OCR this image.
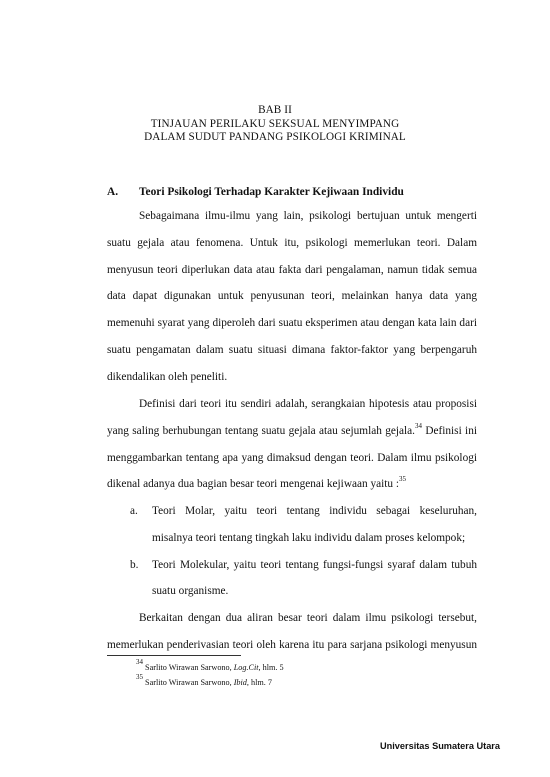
BAB II
TINJAUAN PERILAKU SEKSUAL MENYIMPANG
DALAM SUDUT PANDANG PSIKOLOGI KRIMINAL
A. Teori Psikologi Terhadap Karakter Kejiwaan Individu
Sebagaimana ilmu-ilmu yang lain, psikologi bertujuan untuk mengerti
suatu gejala atau fenomena. Untuk itu, psikologi memerlukan teori. Dalam
menyusun teori diperlukan data atau fakta dari pengalaman, namun tidak semua
data dapat digunakan untuk penyusunan teori, melainkan hanya data yang
memenuhi syarat yang diperoleh dari suatu eksperimen atau dengan kata lain dari
suatu pengamatan dalam suatu situasi dimana faktor-faktor yang berpengaruh
dikendalikan oleh peneliti.
Definisi dari teori itu sendiri adalah, serangkaian hipotesis atau proposisi
yang saling berhubungan tentang suatu gejala atau sejumlah gejala.$^{34}$ Definisi ini
menggambarkan tentang apa yang dimaksud dengan teori. Dalam ilmu psikologi
dikenal adanya dua bagian besar teori mengenai kejiwaan yaitu :$^{35}$
a. Teori Molar, yaitu teori tentang individu sebagai keseluruhan,
misalnya teori tentang tingkah laku individu dalam proses kelompok;
b. Teori Molekular, yaitu teori tentang fungsi-fungsi syaraf dalam tubuh
suatu organisme.
Berkaitan dengan dua aliran besar teori dalam ilmu psikologi tersebut,
memerlukan penderivasian teori oleh karena itu para sarjana psikologi menyusun
$^{34}$ Sarlito Wirawan Sarwono, Log.Cit, hlm. 5
$^{35}$ Sarlito Wirawan Sarwono, Ibid, hlm. 7
Universitas Sumatera Utara
